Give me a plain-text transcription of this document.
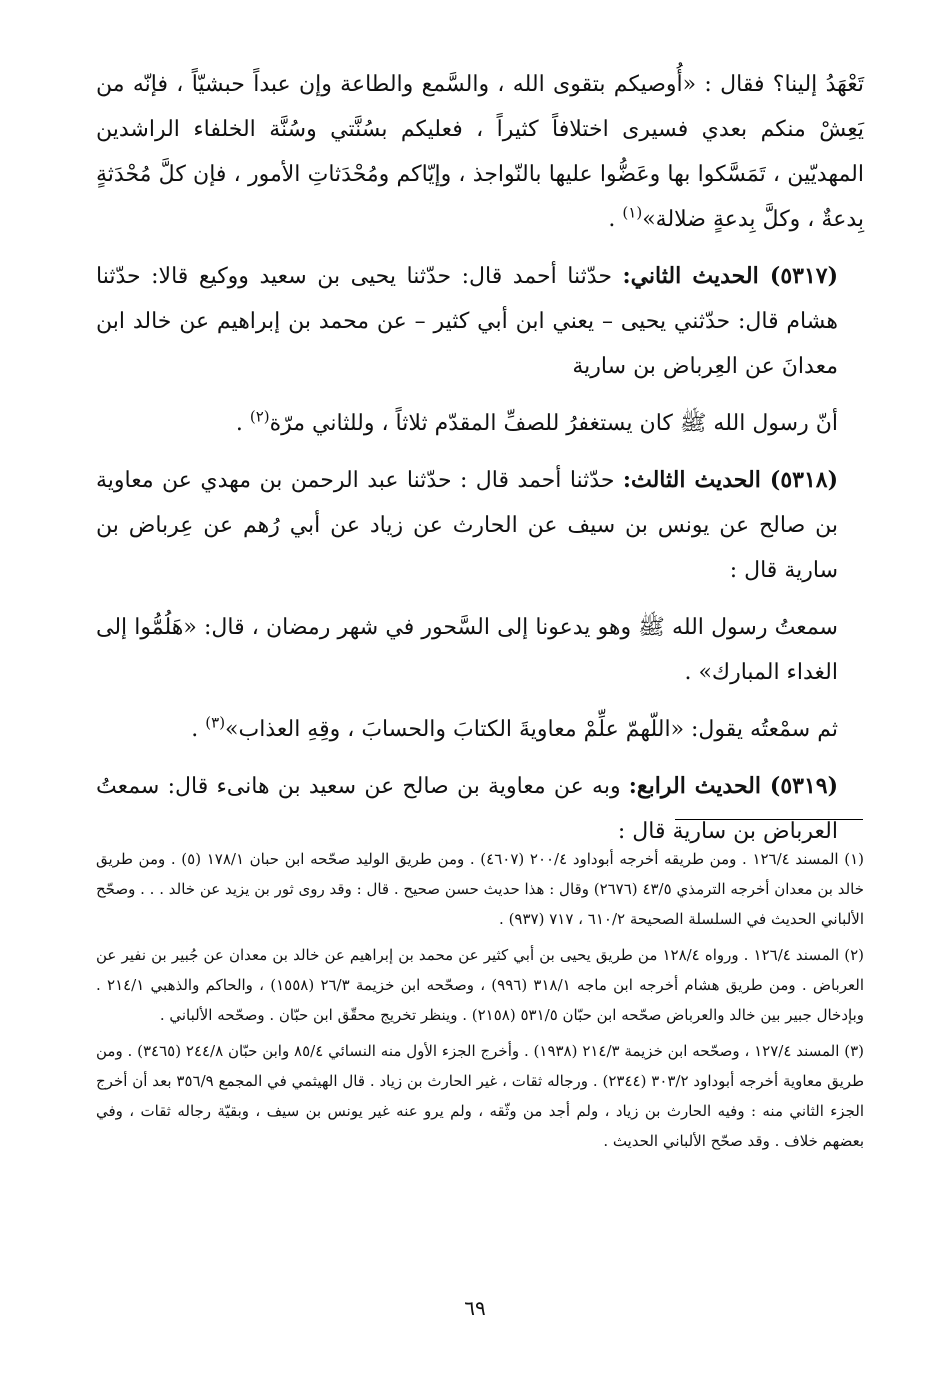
تَعْهَدُ إلينا؟ فقال : «أُوصيكم بتقوى الله ، والسَّمع والطاعة وإن عبداً حبشيّاً ، فإنّه من يَعِشْ منكم بعدي فسيرى اختلافاً كثيراً ، فعليكم بسُنَّتي وسُنَّة الخلفاء الراشدين المهديّين ، تَمَسَّكوا بها وعَضُّوا عليها بالنّواجذ ، وإيّاكم ومُحْدَثاتِ الأمور ، فإن كلَّ مُحْدَثةٍ بِدعةٌ ، وكلَّ بِدعةٍ ضلالة»$^{(١)}$ .

(٥٣١٧) الحديث الثاني: حدّثنا أحمد قال: حدّثنا يحيى بن سعيد ووكيع قالا: حدّثنا هشام قال: حدّثني يحيى – يعني ابن أبي كثير – عن محمد بن إبراهيم عن خالد ابن معدانَ عن العِرباض بن سارية

أنّ رسول الله ﷺ كان يستغفرُ للصفِّ المقدّم ثلاثاً ، وللثاني مرّة$^{(٢)}$ .

(٥٣١٨) الحديث الثالث: حدّثنا أحمد قال : حدّثنا عبد الرحمن بن مهدي عن معاوية بن صالح عن يونس بن سيف عن الحارث عن زياد عن أبي رُهم عن عِرباض بن سارية قال :

سمعتُ رسول الله ﷺ وهو يدعونا إلى السَّحور في شهر رمضان ، قال: «هَلُمُّوا إلى الغداء المبارك» .

ثم سمْعتُه يقول: «اللّهمّ علِّمْ معاويةَ الكتابَ والحسابَ ، وقِهِ العذاب»$^{(٣)}$ .

(٥٣١٩) الحديث الرابع: وبه عن معاوية بن صالح عن سعيد بن هانىء قال: سمعتُ العرباض بن سارية قال :

(١) المسند ١٢٦/٤ . ومن طريقه أخرجه أبوداود ٢٠٠/٤ (٤٦٠٧) . ومن طريق الوليد صحّحه ابن حبان ١٧٨/١ (٥) . ومن طريق خالد بن معدان أخرجه الترمذي ٤٣/٥ (٢٦٧٦) وقال : هذا حديث حسن صحيح . قال : وقد روى ثور بن يزيد عن خالد . . . وصحّح الألباني الحديث في السلسلة الصحيحة ٦١٠/٢ ، ٧١٧ (٩٣٧) .

(٢) المسند ١٢٦/٤ . ورواه ١٢٨/٤ من طريق يحيى بن أبي كثير عن محمد بن إبراهيم عن خالد بن معدان عن جُبير بن نفير عن العرباض . ومن طريق هشام أخرجه ابن ماجه ٣١٨/١ (٩٩٦) ، وصحّحه ابن خزيمة ٢٦/٣ (١٥٥٨) ، والحاكم والذهبي ٢١٤/١ . وبإدخال جبير بين خالد والعرباض صحّحه ابن حبّان ٥٣١/٥ (٢١٥٨) . وينظر تخريج محقّق ابن حبّان . وصحّحه الألباني .

(٣) المسند ١٢٧/٤ ، وصحّحه ابن خزيمة ٢١٤/٣ (١٩٣٨) . وأخرج الجزء الأول منه النسائي ٨٥/٤ وابن حبّان ٢٤٤/٨ (٣٤٦٥) . ومن طريق معاوية أخرجه أبوداود ٣٠٣/٢ (٢٣٤٤) . ورجاله ثقات ، غير الحارث بن زياد . قال الهيثمي في المجمع ٣٥٦/٩ بعد أن أخرج الجزء الثاني منه : وفيه الحارث بن زياد ، ولم أجد من وثّقه ، ولم يرو عنه غير يونس بن سيف ، وبقيّة رجاله ثقات ، وفي بعضهم خلاف . وقد صحّح الألباني الحديث .

٦٩
